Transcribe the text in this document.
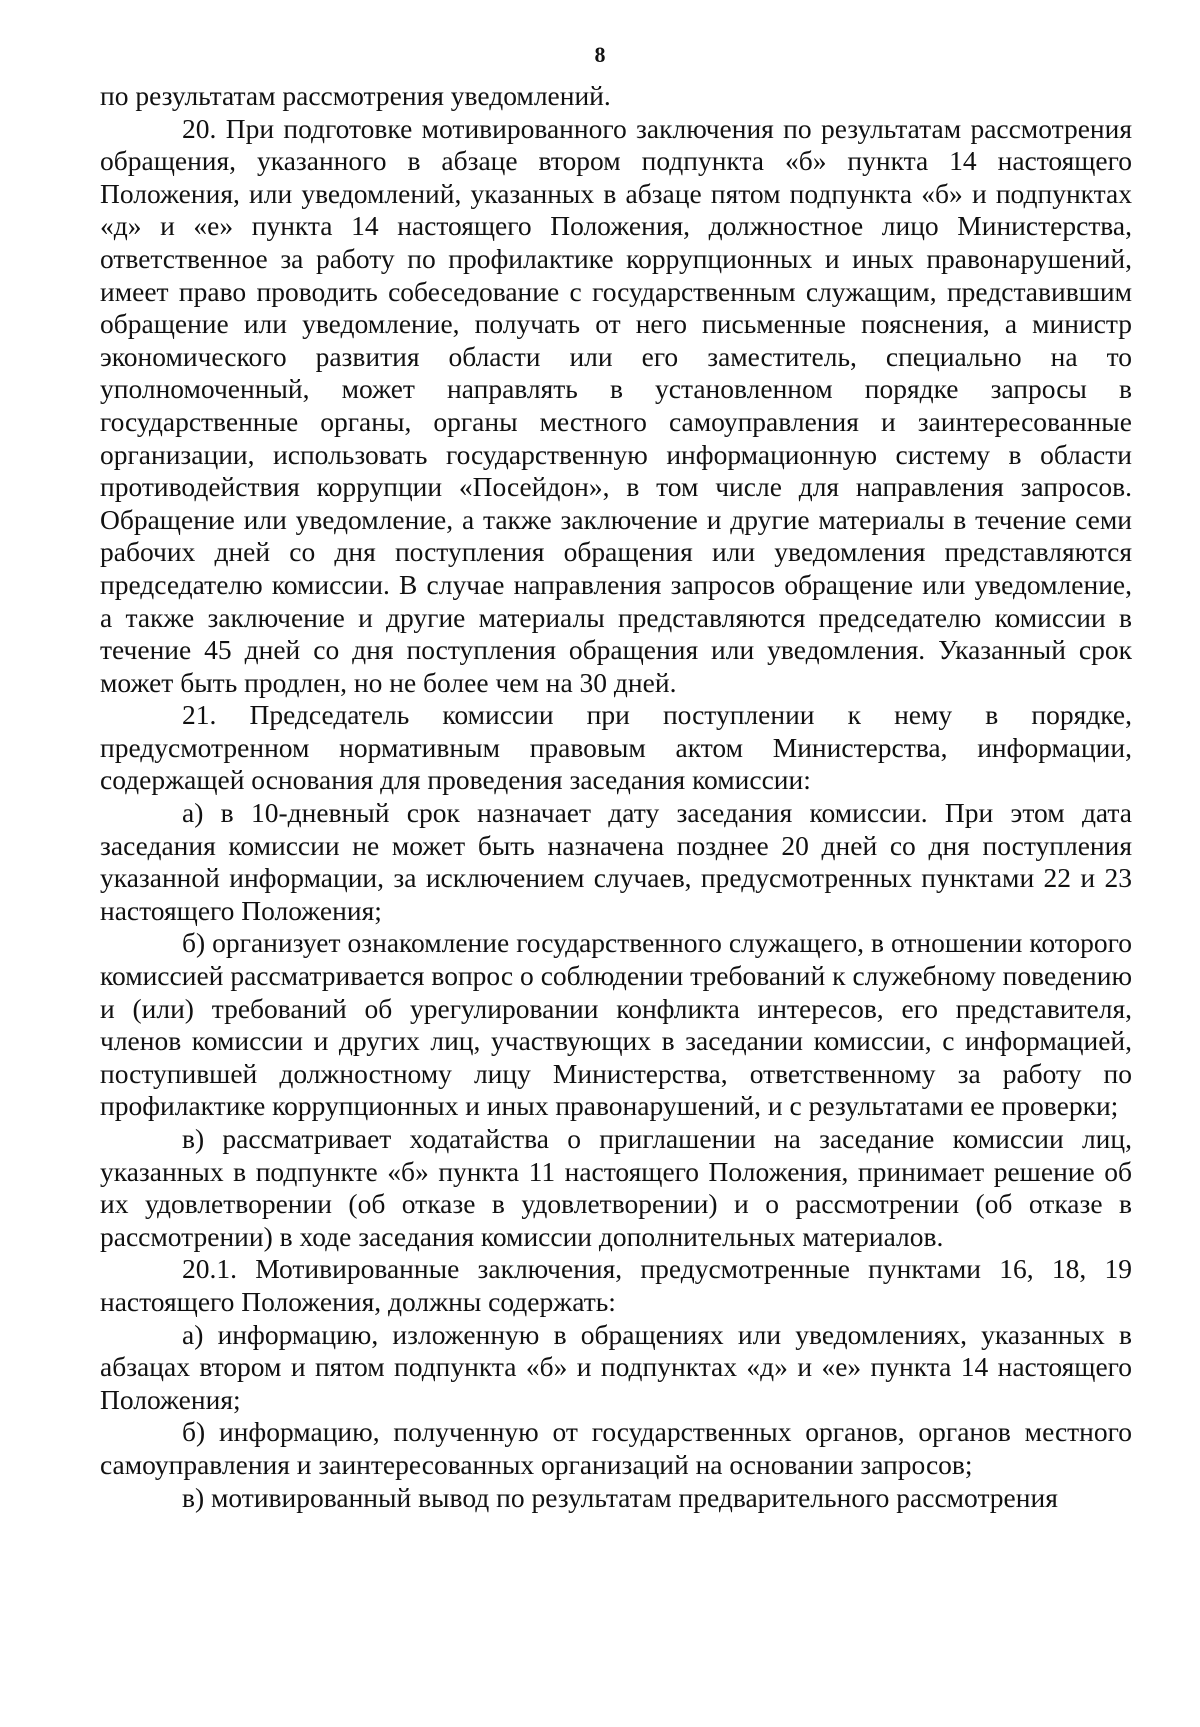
8

по результатам рассмотрения уведомлений.

20. При подготовке мотивированного заключения по результатам рассмотрения обращения, указанного в абзаце втором подпункта «б» пункта 14 настоящего Положения, или уведомлений, указанных в абзаце пятом подпункта «б» и подпунктах «д» и «е» пункта 14 настоящего Положения, должностное лицо Министерства, ответственное за работу по профилактике коррупционных и иных правонарушений, имеет право проводить собеседование с государственным служащим, представившим обращение или уведомление, получать от него письменные пояснения, а министр экономического развития области или его заместитель, специально на то уполномоченный, может направлять в установленном порядке запросы в государственные органы, органы местного самоуправления и заинтересованные организации, использовать государственную информационную систему в области противодействия коррупции «Посейдон», в том числе для направления запросов. Обращение или уведомление, а также заключение и другие материалы в течение семи рабочих дней со дня поступления обращения или уведомления представляются председателю комиссии. В случае направления запросов обращение или уведомление, а также заключение и другие материалы представляются председателю комиссии в течение 45 дней со дня поступления обращения или уведомления. Указанный срок может быть продлен, но не более чем на 30 дней.

21. Председатель комиссии при поступлении к нему в порядке, предусмотренном нормативным правовым актом Министерства, информации, содержащей основания для проведения заседания комиссии:

а) в 10-дневный срок назначает дату заседания комиссии. При этом дата заседания комиссии не может быть назначена позднее 20 дней со дня поступления указанной информации, за исключением случаев, предусмотренных пунктами 22 и 23 настоящего Положения;

б) организует ознакомление государственного служащего, в отношении которого комиссией рассматривается вопрос о соблюдении требований к служебному поведению и (или) требований об урегулировании конфликта интересов, его представителя, членов комиссии и других лиц, участвующих в заседании комиссии, с информацией, поступившей должностному лицу Министерства, ответственному за работу по профилактике коррупционных и иных правонарушений, и с результатами ее проверки;

в) рассматривает ходатайства о приглашении на заседание комиссии лиц, указанных в подпункте «б» пункта 11 настоящего Положения, принимает решение об их удовлетворении (об отказе в удовлетворении) и о рассмотрении (об отказе в рассмотрении) в ходе заседания комиссии дополнительных материалов.

20.1. Мотивированные заключения, предусмотренные пунктами 16, 18, 19 настоящего Положения, должны содержать:

а) информацию, изложенную в обращениях или уведомлениях, указанных в абзацах втором и пятом подпункта «б» и подпунктах «д» и «е» пункта 14 настоящего Положения;

б) информацию, полученную от государственных органов, органов местного самоуправления и заинтересованных организаций на основании запросов;

в) мотивированный вывод по результатам предварительного рассмотрения
